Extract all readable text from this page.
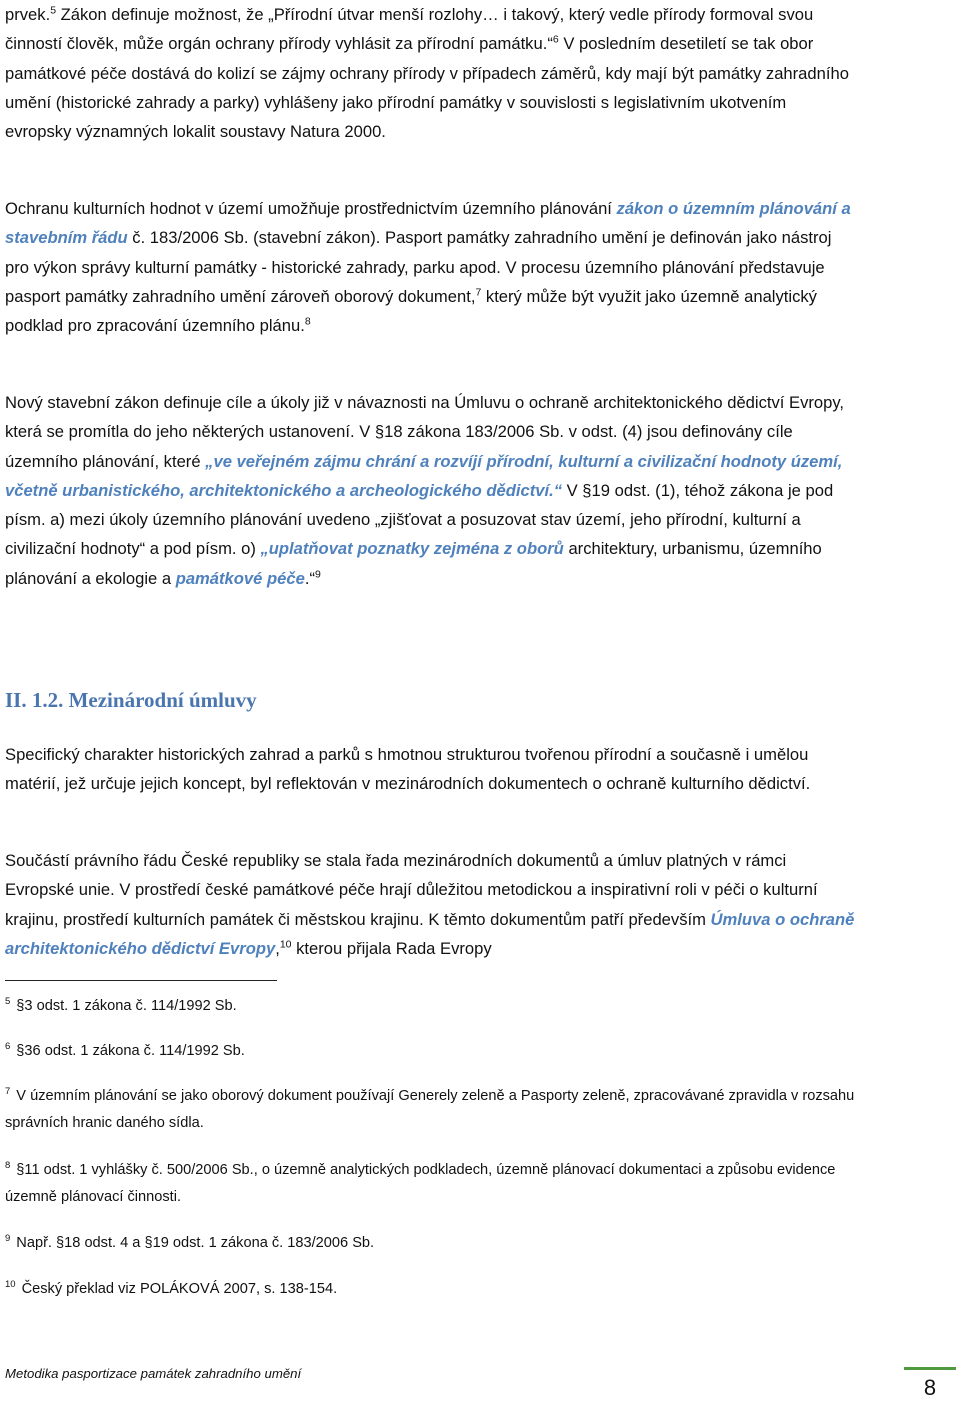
prvek.$^5$ Zákon definuje možnost, že „Přírodní útvar menší rozlohy… i takový, který vedle přírody formoval svou činností člověk, může orgán ochrany přírody vyhlásit za přírodní památku.“$^6$ V posledním desetiletí se tak obor památkové péče dostává do kolizí se zájmy ochrany přírody v případech záměrů, kdy mají být památky zahradního umění (historické zahrady a parky) vyhlášeny jako přírodní památky v souvislosti s legislativním ukotvením evropsky významných lokalit soustavy Natura 2000.

Ochranu kulturních hodnot v území umožňuje prostřednictvím územního plánování zákon o územním plánování a stavebním řádu č. 183/2006 Sb. (stavební zákon). Pasport památky zahradního umění je definován jako nástroj pro výkon správy kulturní památky - historické zahrady, parku apod. V procesu územního plánování představuje pasport památky zahradního umění zároveň oborový dokument,$^7$ který může být využit jako územně analytický podklad pro zpracování územního plánu.$^8$

Nový stavební zákon definuje cíle a úkoly již v návaznosti na Úmluvu o ochraně architektonického dědictví Evropy, která se promítla do jeho některých ustanovení. V §18 zákona 183/2006 Sb. v odst. (4) jsou definovány cíle územního plánování, které „ve veřejném zájmu chrání a rozvíjí přírodní, kulturní a civilizační hodnoty území, včetně urbanistického, architektonického a archeologického dědictví.“ V §19 odst. (1), téhož zákona je pod písm. a) mezi úkoly územního plánování uvedeno „zjišťovat a posuzovat stav území, jeho přírodní, kulturní a civilizační hodnoty“ a pod písm. o) „uplatňovat poznatky zejména z oborů architektury, urbanismu, územního plánování a ekologie a památkové péče.“$^9$

Specifický charakter historických zahrad a parků s hmotnou strukturou tvořenou přírodní a současně i umělou matérií, jež určuje jejich koncept, byl reflektován v mezinárodních dokumentech o ochraně kulturního dědictví.

Součástí právního řádu České republiky se stala řada mezinárodních dokumentů a úmluv platných v rámci Evropské unie. V prostředí české památkové péče hrají důležitou metodickou a inspirativní roli v péči o kulturní krajinu, prostředí kulturních památek či městskou krajinu. K těmto dokumentům patří především Úmluva o ochraně architektonického dědictví Evropy,$^{10}$ kterou přijala Rada Evropy

II. 1.2. Mezinárodní úmluvy

$^5$ §3 odst. 1 zákona č. 114/1992 Sb.

$^6$ §36 odst. 1 zákona č. 114/1992 Sb.

$^7$ V územním plánování se jako oborový dokument používají Generely zeleně a Pasporty zeleně, zpracovávané zpravidla v rozsahu správních hranic daného sídla.

$^8$ §11 odst. 1 vyhlášky č. 500/2006 Sb., o územně analytických podkladech, územně plánovací dokumentaci a způsobu evidence územně plánovací činnosti.

$^9$ Např. §18 odst. 4 a §19 odst. 1 zákona č. 183/2006 Sb.

$^{10}$ Český překlad viz POLÁKOVÁ 2007, s. 138-154.

Metodika pasportizace památek zahradního umění
8
